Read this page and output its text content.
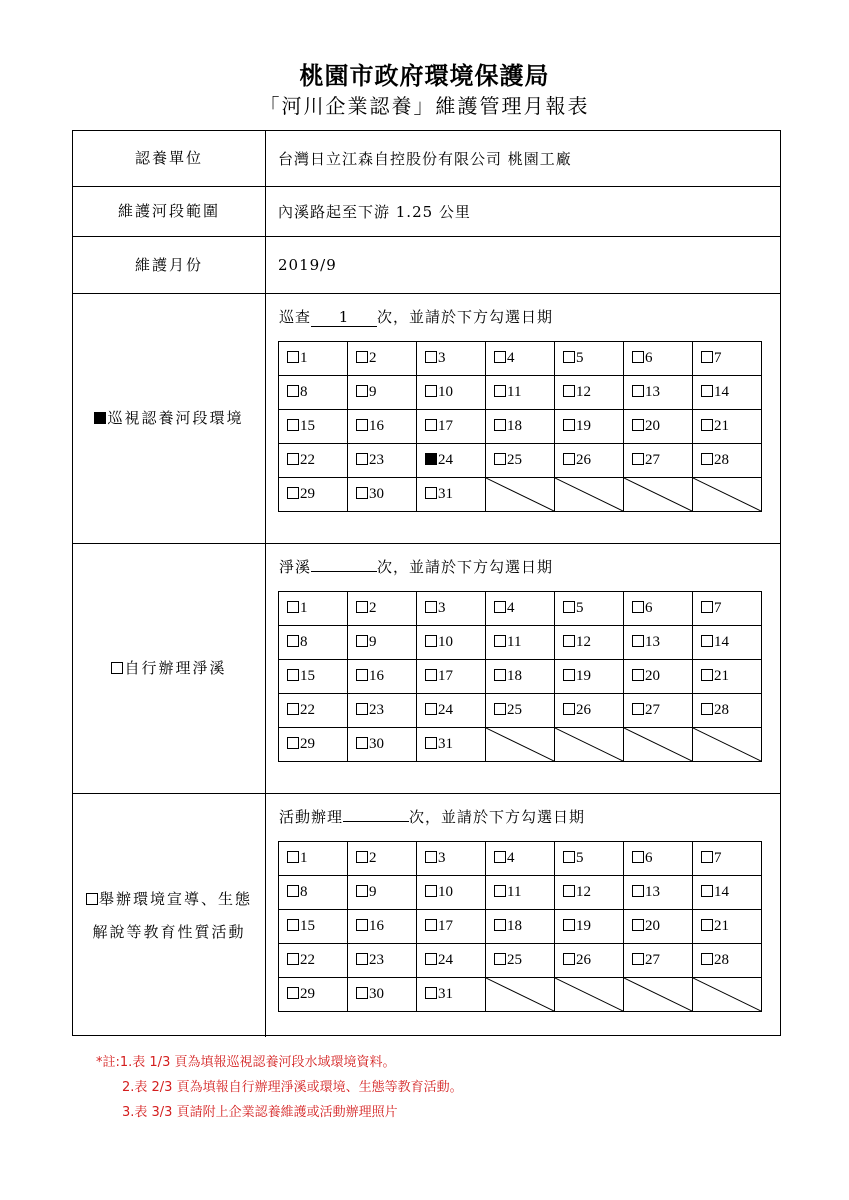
桃園市政府環境保護局
「河川企業認養」維護管理月報表
認養單位	台灣日立江森自控股份有限公司 桃園工廠
維護河段範圍	內溪路起至下游 1.25 公里
維護月份	2019/9
巡視認養河段環境
巡查 1 次，並請於下方勾選日期
1	2	3	4	5	6	7
8	9	10	11	12	13	14
15	16	17	18	19	20	21
22	23	24	25	26	27	28
29	30	31	

自行辦理淨溪
淨溪	次，並請於下方勾選日期
1	2	3	4	5	6	7
8	9	10	11	12	13	14
15	16	17	18	19	20	21
22	23	24	25	26	27	28
29	30	31	

舉辦環境宣導、生態
解說等教育性質活動
活動辦理	次，並請於下方勾選日期
1	2	3	4	5	6	7
8	9	10	11	12	13	14
15	16	17	18	19	20	21
22	23	24	25	26	27	28
29	30	31	

*註:1.表 1/3 頁為填報巡視認養河段水域環境資料。
2.表 2/3 頁為填報自行辦理淨溪或環境、生態等教育活動。
3.表 3/3 頁請附上企業認養維護或活動辦理照片
